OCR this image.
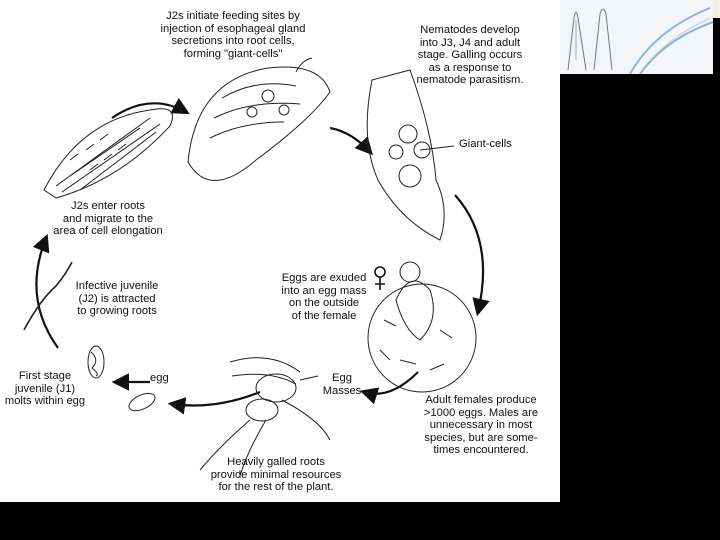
J2s initiate feeding sites by
injection of esophageal gland
secretions into root cells,
forming "giant-cells"
Nematodes develop
into J3, J4 and adult
stage. Galling occurs
as a response to
nematode parasitism.
Giant-cells
J2s enter roots
and migrate to the
area of cell elongation
Infective juvenile
(J2) is attracted
to growing roots
Eggs are exuded
into an egg mass
on the outside
of the female
First stage
juvenile (J1)
molts within egg
egg	Egg
Masses
Adult females produce
>1000 eggs. Males are
unnecessary in most
species, but are some-
times encountered.
Heavily galled roots
provide minimal resources
for the rest of the plant.
